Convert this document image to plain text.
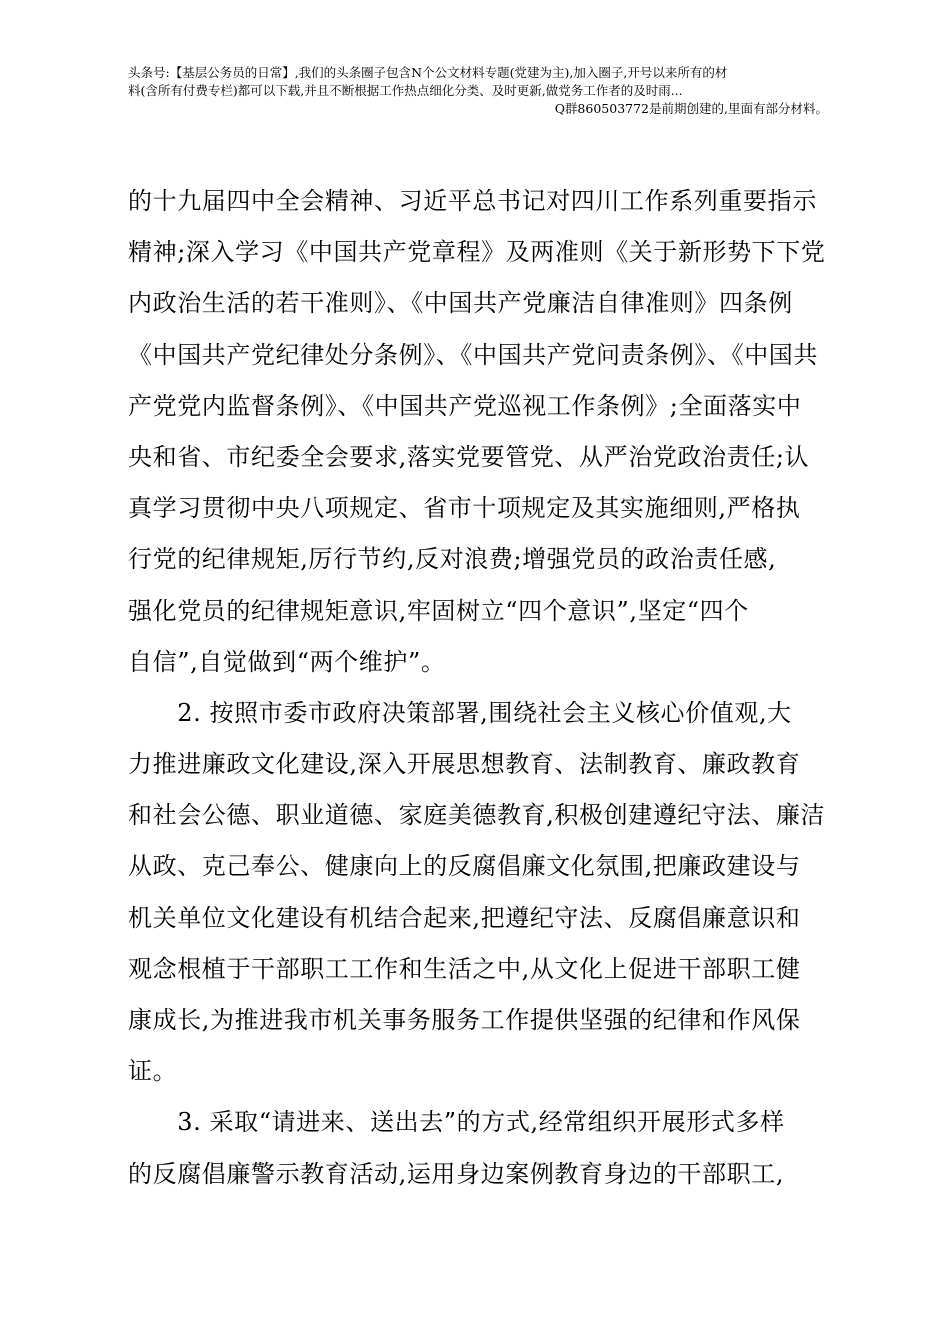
头条号:【基层公务员的日常】,我们的头条圈子包含N个公文材料专题(党建为主),加入圈子,开号以来所有的材
料(含所有付费专栏)都可以下载,并且不断根据工作热点细化分类、及时更新,做党务工作者的及时雨...
Q群860503772是前期创建的,里面有部分材料。
的十九届四中全会精神、习近平总书记对四川工作系列重要指示
精神;深入学习《中国共产党章程》及两准则《关于新形势下下党
内政治生活的若干准则》、《中国共产党廉洁自律准则》四条例
《中国共产党纪律处分条例》、《中国共产党问责条例》、《中国共
产党党内监督条例》、《中国共产党巡视工作条例》;全面落实中
央和省、市纪委全会要求,落实党要管党、从严治党政治责任;认
真学习贯彻中央八项规定、省市十项规定及其实施细则,严格执
行党的纪律规矩,厉行节约,反对浪费;增强党员的政治责任感,
强化党员的纪律规矩意识,牢固树立“四个意识”,坚定“四个
自信”,自觉做到“两个维护”。
　　2. 按照市委市政府决策部署,围绕社会主义核心价值观,大
力推进廉政文化建设,深入开展思想教育、法制教育、廉政教育
和社会公德、职业道德、家庭美德教育,积极创建遵纪守法、廉洁
从政、克己奉公、健康向上的反腐倡廉文化氛围,把廉政建设与
机关单位文化建设有机结合起来,把遵纪守法、反腐倡廉意识和
观念根植于干部职工工作和生活之中,从文化上促进干部职工健
康成长,为推进我市机关事务服务工作提供坚强的纪律和作风保
证。
　　3. 采取“请进来、送出去”的方式,经常组织开展形式多样
的反腐倡廉警示教育活动,运用身边案例教育身边的干部职工,
